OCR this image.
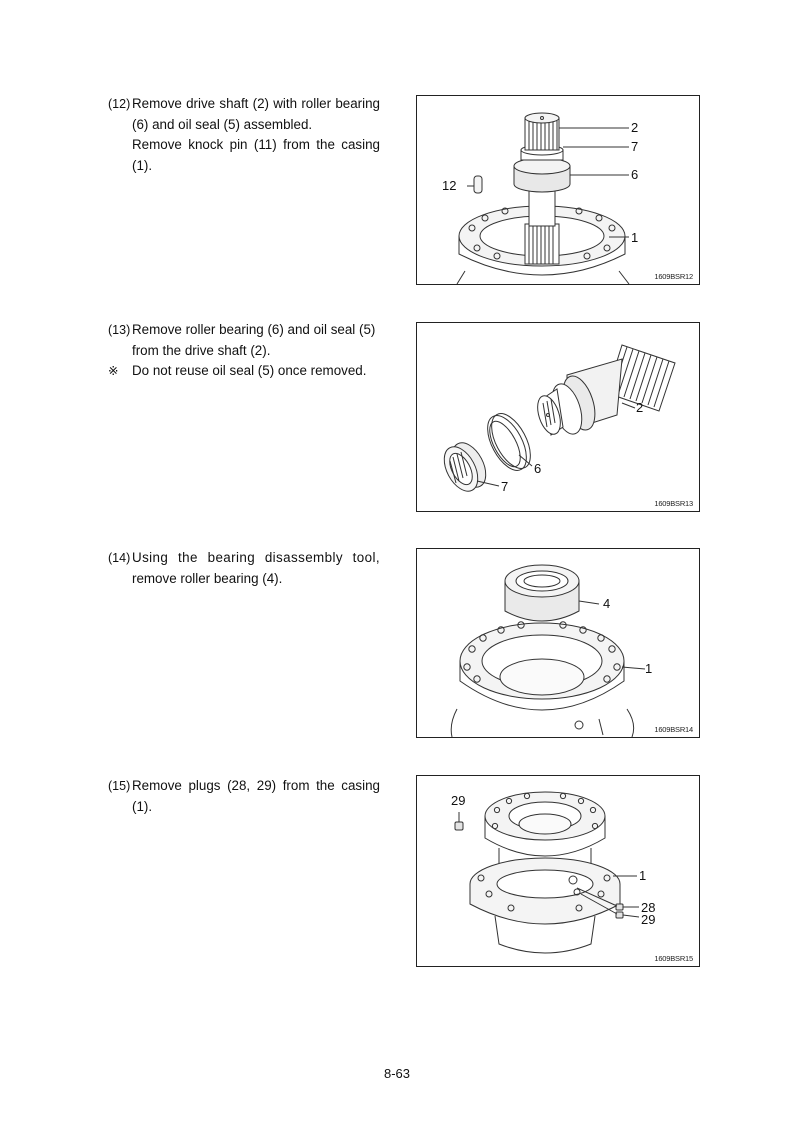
(12) Remove drive shaft (2) with roller bearing
(6) and oil seal (5) assembled.
Remove knock pin (11) from the casing
(1).
2
7
6
12
1
1609BSR12
(13) Remove roller bearing (6) and oil seal (5)
from the drive shaft (2).
※	Do not reuse oil seal (5) once removed.
2
6
7
1609BSR13
(14) Using the bearing disassembly tool,
remove roller bearing (4).
4
1
1609BSR14
(15) Remove plugs (28, 29) from the casing
(1).	29
1
28
29
1609BSR15
8-63
